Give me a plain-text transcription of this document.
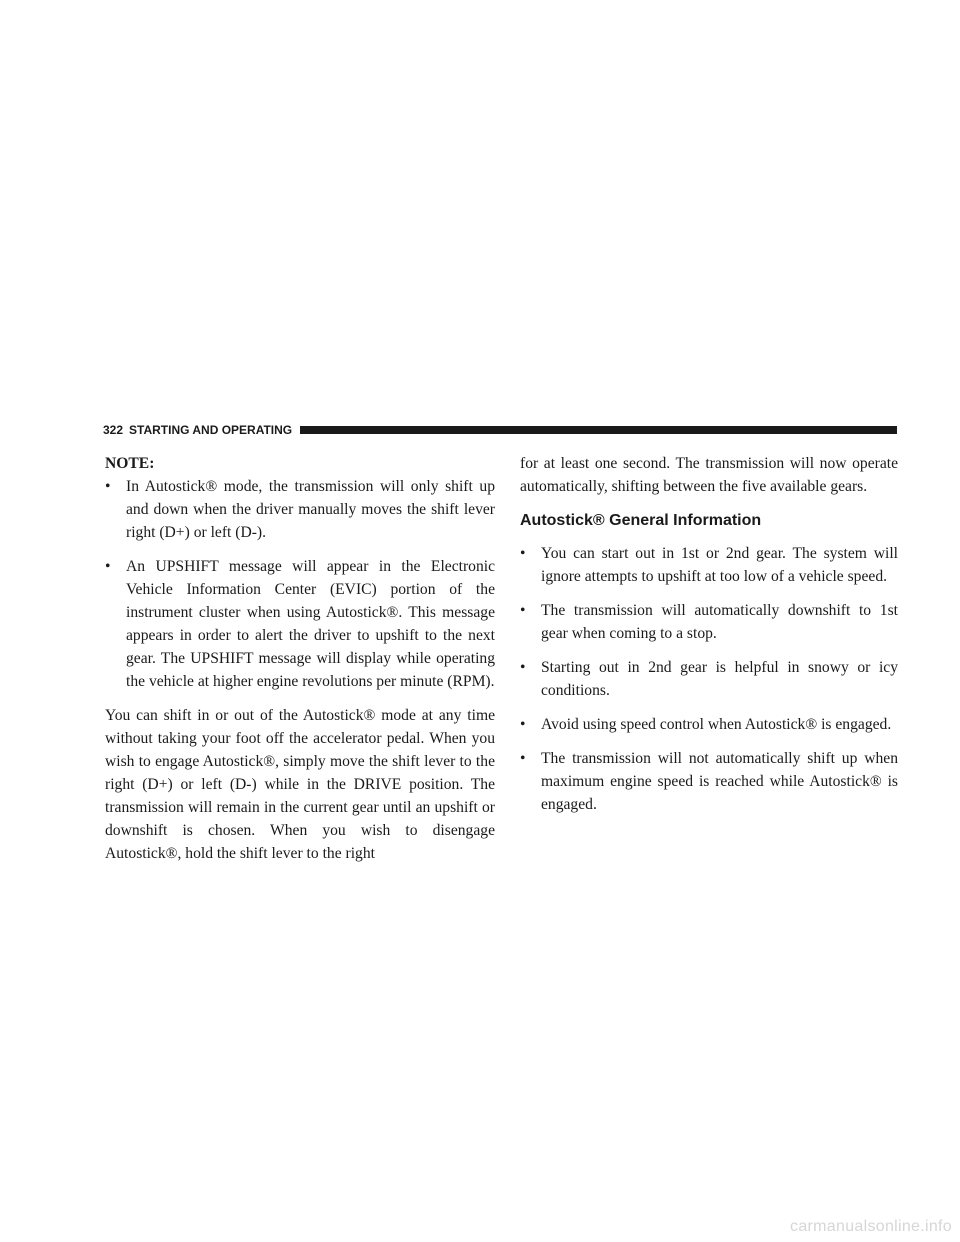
322 STARTING AND OPERATING
NOTE:
• In Autostick® mode, the transmission will only shift up and down when the driver manually moves the shift lever right (D+) or left (D-).
• An UPSHIFT message will appear in the Electronic Vehicle Information Center (EVIC) portion of the instrument cluster when using Autostick®. This message appears in order to alert the driver to upshift to the next gear. The UPSHIFT message will display while operating the vehicle at higher engine revolutions per minute (RPM).

You can shift in or out of the Autostick® mode at any time without taking your foot off the accelerator pedal. When you wish to engage Autostick®, simply move the shift lever to the right (D+) or left (D-) while in the DRIVE position. The transmission will remain in the current gear until an upshift or downshift is chosen. When you wish to disengage Autostick®, hold the shift lever to the right

for at least one second. The transmission will now operate automatically, shifting between the five available gears.

Autostick® General Information
• You can start out in 1st or 2nd gear. The system will ignore attempts to upshift at too low of a vehicle speed.
• The transmission will automatically downshift to 1st gear when coming to a stop.
• Starting out in 2nd gear is helpful in snowy or icy conditions.
• Avoid using speed control when Autostick® is engaged.
• The transmission will not automatically shift up when maximum engine speed is reached while Autostick® is engaged.
carmanualsonline.info
